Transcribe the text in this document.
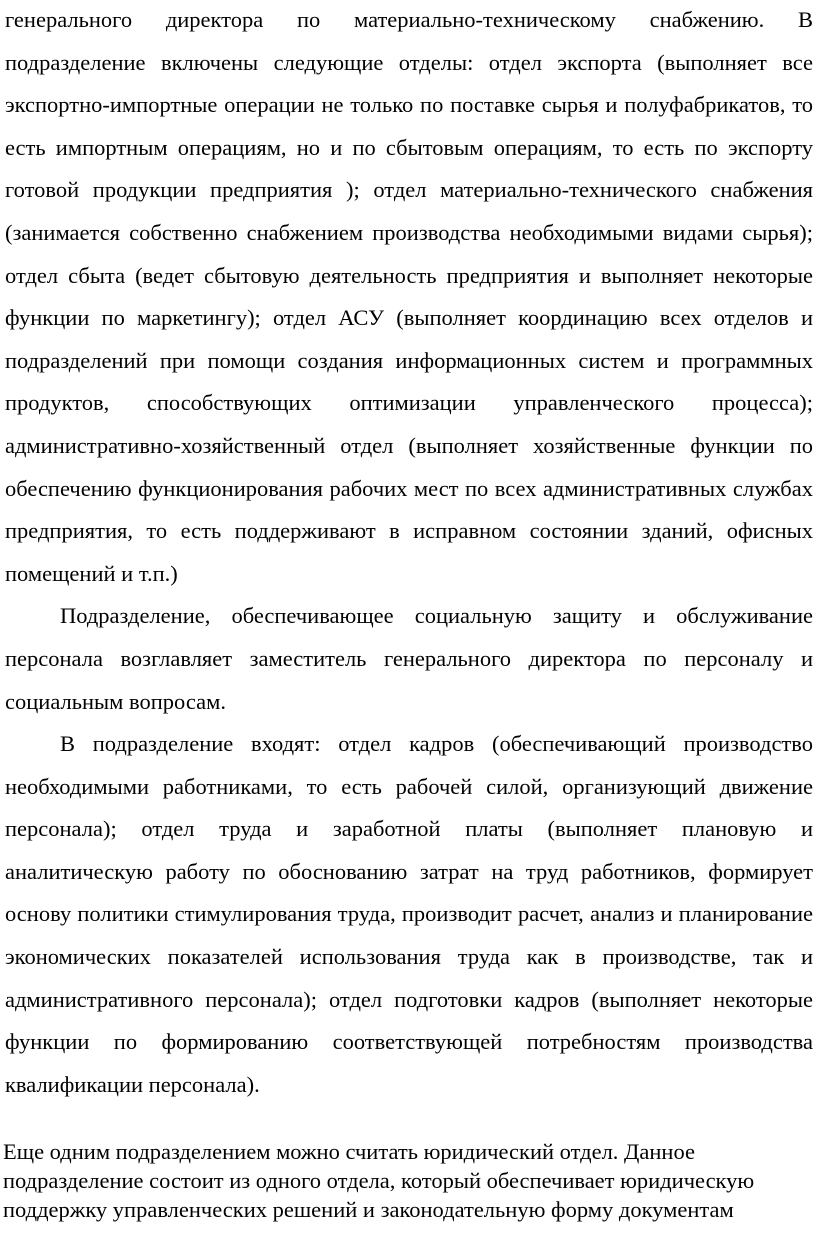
генерального директора по материально-техническому снабжению. В подразделение включены следующие отделы: отдел экспорта (выполняет все экспортно-импортные операции не только по поставке сырья и полуфабрикатов, то есть импортным операциям, но и по сбытовым операциям, то есть по экспорту готовой продукции предприятия ); отдел материально-технического снабжения (занимается собственно снабжением производства необходимыми видами сырья); отдел сбыта (ведет сбытовую деятельность предприятия и выполняет некоторые функции по маркетингу); отдел АСУ (выполняет координацию всех отделов и подразделений при помощи создания информационных систем и программных продуктов, способствующих оптимизации управленческого процесса); административно-хозяйственный отдел (выполняет хозяйственные функции по обеспечению функционирования рабочих мест по всех административных службах предприятия, то есть поддерживают в исправном состоянии зданий, офисных помещений и т.п.)

Подразделение, обеспечивающее социальную защиту и обслуживание персонала возглавляет заместитель генерального директора по персоналу и социальным вопросам.

В подразделение входят: отдел кадров (обеспечивающий производство необходимыми работниками, то есть рабочей силой, организующий движение персонала); отдел труда и заработной платы (выполняет плановую и аналитическую работу по обоснованию затрат на труд работников, формирует основу политики стимулирования труда, производит расчет, анализ и планирование экономических показателей использования труда как в производстве, так и административного персонала); отдел подготовки кадров (выполняет некоторые функции по формированию соответствующей потребностям производства квалификации персонала).

Еще одним подразделением можно считать юридический отдел. Данное подразделение состоит из одного отдела, который обеспечивает юридическую поддержку управленческих решений и законодательную форму документам
